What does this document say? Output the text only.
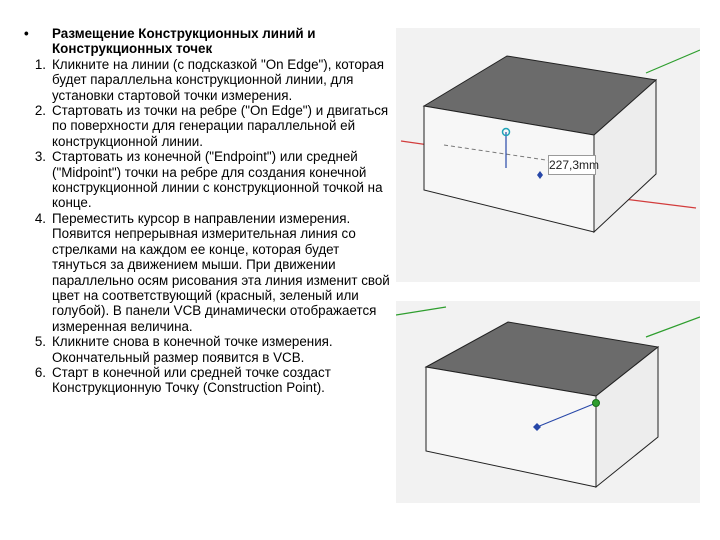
• Размещение Конструкционных линий и Конструкционных точек
1. Кликните на линии (с подсказкой "On Edge"), которая будет параллельна конструкционной линии, для установки стартовой точки измерения.
2. Стартовать из точки на ребре ("On Edge") и двигаться по поверхности для генерации параллельной ей конструкционной линии.
3. Стартовать из конечной ("Endpoint") или средней ("Midpoint") точки на ребре для создания конечной конструкционной линии с конструкционной точкой на конце.
4. Переместить курсор в направлении измерения. Появится непрерывная измерительная линия со стрелками на каждом ее конце, которая будет тянуться за движением мыши. При движении параллельно осям рисования эта линия изменит свой цвет на соответствующий (красный, зеленый или голубой). В панели VCB динамически отображается измеренная величина.
5. Кликните снова в конечной точке измерения. Окончательный размер появится в VCB.
6. Старт в конечной или средней точке создаст Конструкционную Точку (Construction Point).
227,3mm
